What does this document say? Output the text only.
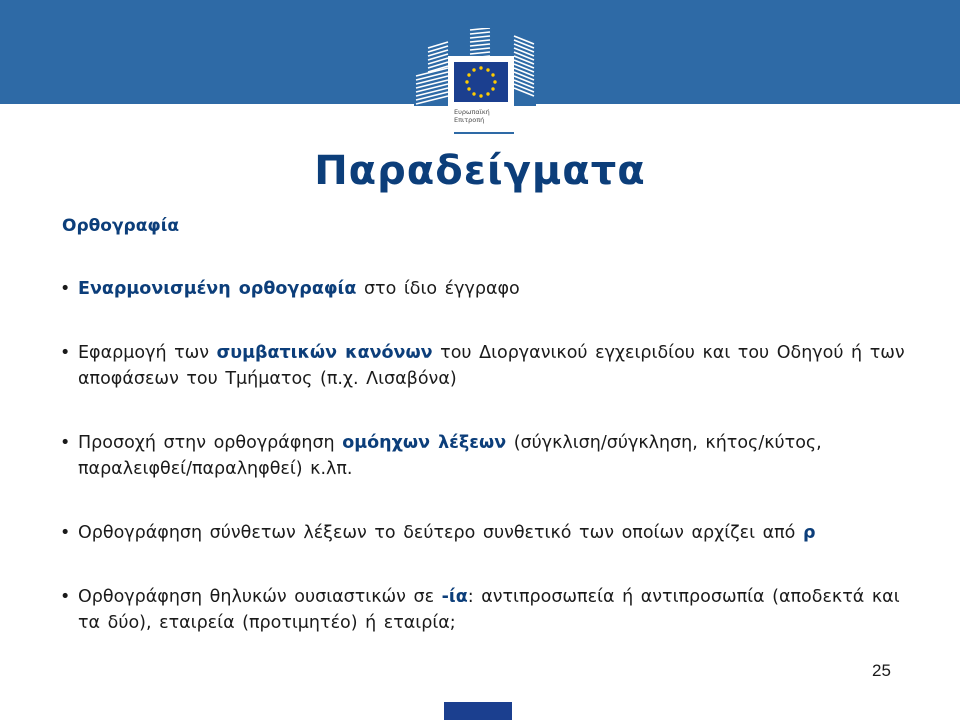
Ευρωπαϊκή
Επιτροπή
Παραδείγματα
Ορθογραφία
• Εναρμονισμένη ορθογραφία στο ίδιο έγγραφο
• Εφαρμογή των συμβατικών κανόνων του Διοργανικού εγχειριδίου και του Οδηγού ή των αποφάσεων του Τμήματος (π.χ. Λισαβόνα)
• Προσοχή στην ορθογράφηση ομόηχων λέξεων (σύγκλιση/σύγκληση, κήτος/κύτος, παραλειφθεί/παραληφθεί) κ.λπ.
• Ορθογράφηση σύνθετων λέξεων το δεύτερο συνθετικό των οποίων αρχίζει από ρ
• Ορθογράφηση θηλυκών ουσιαστικών σε -ία: αντιπροσωπεία ή αντιπροσωπία (αποδεκτά και τα δύο), εταιρεία (προτιμητέο) ή εταιρία;
25
